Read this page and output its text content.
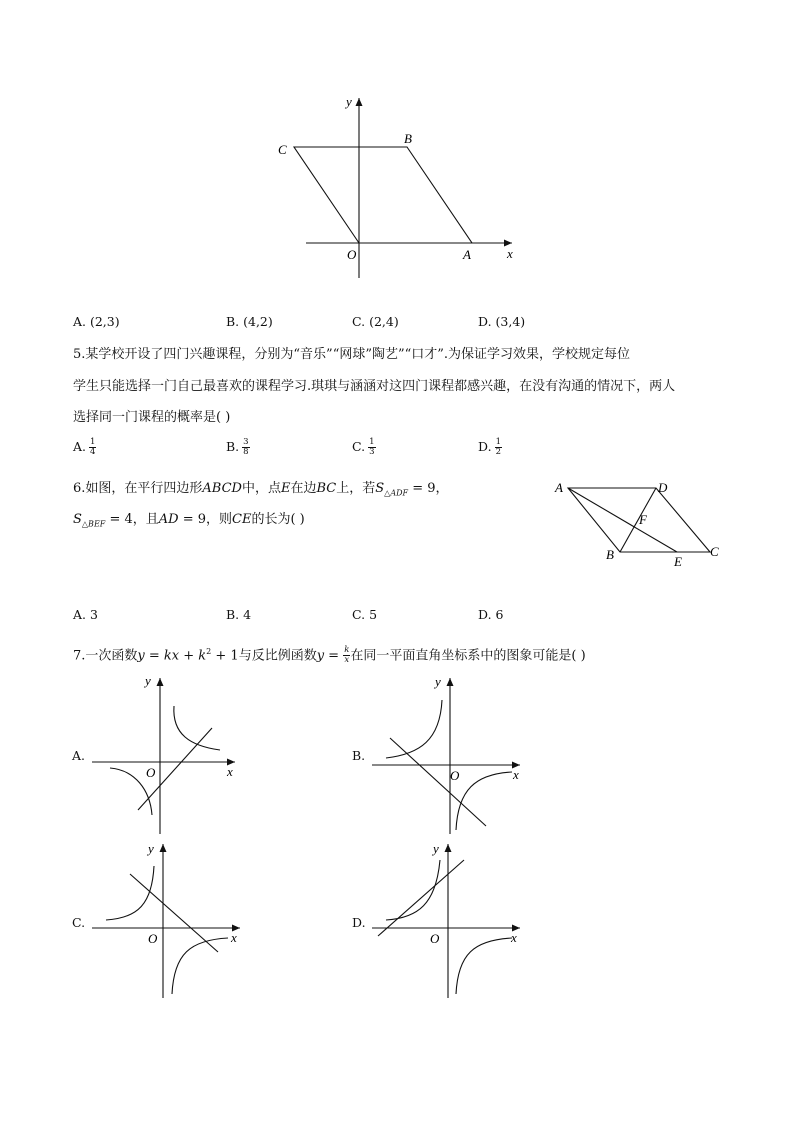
y
x
C
B
O	A
A. (2,3)	B. (4,2)	C. (2,4)	D. (3,4)
5.某学校开设了四门兴趣课程，分别为“音乐”“网球”陶艺”“口才”.为保证学习效果，学校规定每位
学生只能选择一门自己最喜欢的课程学习.琪琪与涵涵对这四门课程都感兴趣，在没有沟通的情况下，两人
选择同一门课程的概率是( )
A. $\frac{1}{4}$	B. $\frac{3}{8}$	C. $\frac{1}{3}$	D. $\frac{1}{2}$
6.如图，在平行四边形ABCD中，点E在边BC上，若$S_{\triangle ADF} = 9$，
$S_{\triangle BEF} = 4$，且AD = 9，则CE的长为( )
A	D
F
B	E
C
A. 3	B. 4	C. 5	D. 6
7.一次函数y = kx + $k^2 + 1$与反比例函数$y = \frac{k}{x}$ 在同一平面直角坐标系中的图象可能是( )
A.	B.
C.	D.
y
x
O
y
x
O
y
x
O
y
x
O
